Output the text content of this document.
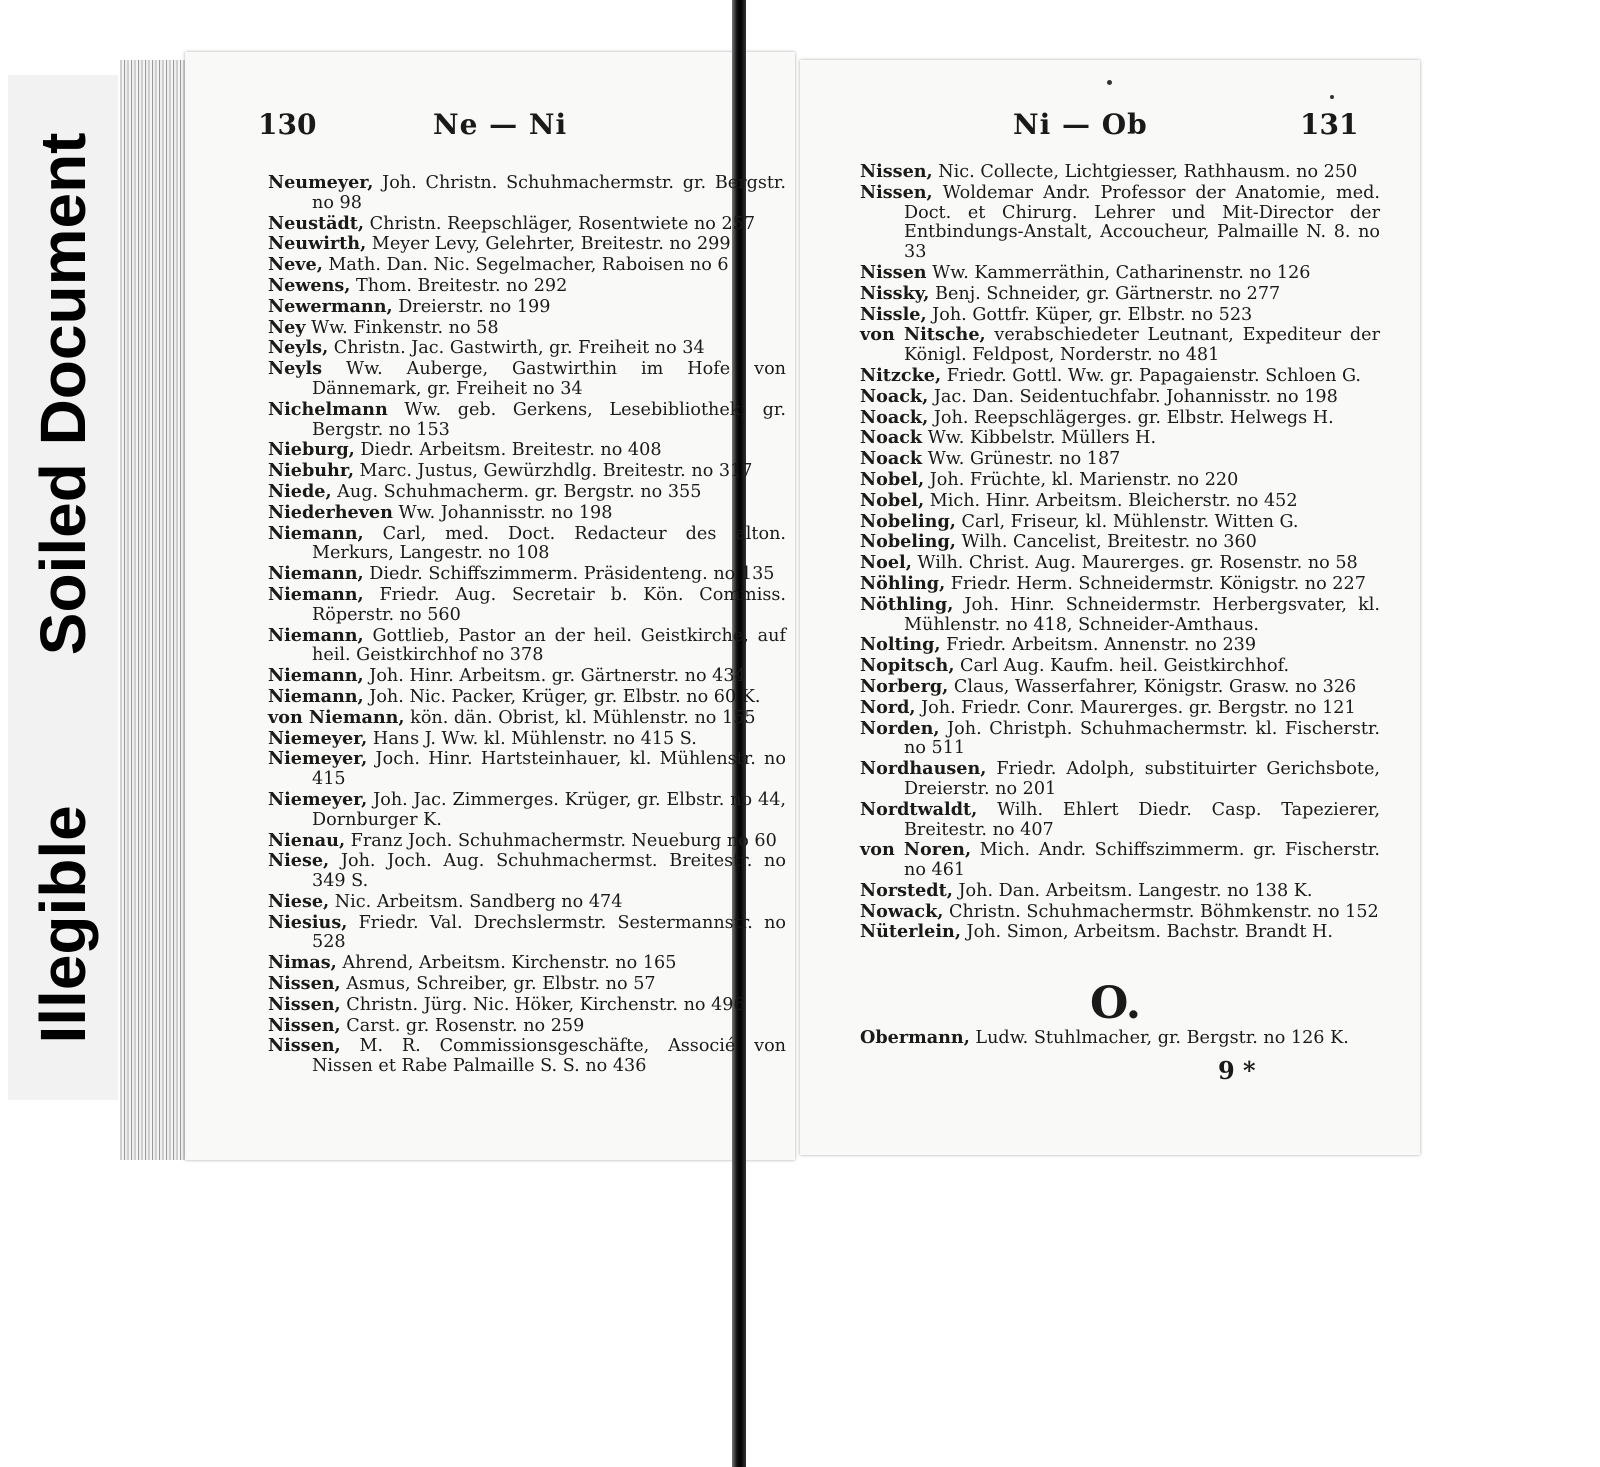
IllegibleSoiled Document
130	Ne — Ni	Ni — Ob	131

Neumeyer, Joh. Christn. Schuhmachermstr. gr. Bergstr. no 98

Neustädt, Christn. Reepschläger, Rosentwiete no 257

Neuwirth, Meyer Levy, Gelehrter, Breitestr. no 299

Neve, Math. Dan. Nic. Segelmacher, Raboisen no 6

Newens, Thom. Breitestr. no 292

Newermann, Dreierstr. no 199

Ney Ww. Finkenstr. no 58

Neyls, Christn. Jac. Gastwirth, gr. Freiheit no 34

Neyls Ww. Auberge, Gastwirthin im Hofe von Dännemark, gr. Freiheit no 34

Nichelmann Ww. geb. Gerkens, Lesebibliothek, gr. Bergstr. no 153

Nieburg, Diedr. Arbeitsm. Breitestr. no 408

Niebuhr, Marc. Justus, Gewürzhdlg. Breitestr. no 317

Niede, Aug. Schuhmacherm. gr. Bergstr. no 355

Niederheven Ww. Johannisstr. no 198

Niemann, Carl, med. Doct. Redacteur des alton. Merkurs, Langestr. no 108

Niemann, Diedr. Schiffszimmerm. Präsidenteng. no 135

Niemann, Friedr. Aug. Secretair b. Kön. Commiss. Röperstr. no 560

Niemann, Gottlieb, Pastor an der heil. Geistkirche, auf heil. Geistkirchhof no 378

Niemann, Joh. Hinr. Arbeitsm. gr. Gärtnerstr. no 434

Niemann, Joh. Nic. Packer, Krüger, gr. Elbstr. no 60 K.

von Niemann, kön. dän. Obrist, kl. Mühlenstr. no 155

Niemeyer, Hans J. Ww. kl. Mühlenstr. no 415 S.

Niemeyer, Joch. Hinr. Hartsteinhauer, kl. Mühlenstr. no 415

Niemeyer, Joh. Jac. Zimmerges. Krüger, gr. Elbstr. no 44, Dornburger K.

Nienau, Franz Joch. Schuhmachermstr. Neueburg no 60

Niese, Joh. Joch. Aug. Schuhmachermst. Breitestr. no 349 S.

Niese, Nic. Arbeitsm. Sandberg no 474

Niesius, Friedr. Val. Drechslermstr. Sestermannstr. no 528

Nimas, Ahrend, Arbeitsm. Kirchenstr. no 165

Nissen, Asmus, Schreiber, gr. Elbstr. no 57

Nissen, Christn. Jürg. Nic. Höker, Kirchenstr. no 496

Nissen, Carst. gr. Rosenstr. no 259

Nissen, M. R. Commissionsgeschäfte, Associé von Nissen et Rabe Palmaille S. S. no 436

Nissen, Nic. Collecte, Lichtgiesser, Rathhausm. no 250

Nissen, Woldemar Andr. Professor der Anatomie, med. Doct. et Chirurg. Lehrer und Mit-Director der Entbindungs-Anstalt, Accoucheur, Palmaille N. 8. no 33

Nissen Ww. Kammerräthin, Catharinenstr. no 126

Nissky, Benj. Schneider, gr. Gärtnerstr. no 277

Nissle, Joh. Gottfr. Küper, gr. Elbstr. no 523

von Nitsche, verabschiedeter Leutnant, Expediteur der Königl. Feldpost, Norderstr. no 481

Nitzcke, Friedr. Gottl. Ww. gr. Papagaienstr. Schloen G.

Noack, Jac. Dan. Seidentuchfabr. Johannisstr. no 198

Noack, Joh. Reepschlägerges. gr. Elbstr. Helwegs H.

Noack Ww. Kibbelstr. Müllers H.

Noack Ww. Grünestr. no 187

Nobel, Joh. Früchte, kl. Marienstr. no 220

Nobel, Mich. Hinr. Arbeitsm. Bleicherstr. no 452

Nobeling, Carl, Friseur, kl. Mühlenstr. Witten G.

Nobeling, Wilh. Cancelist, Breitestr. no 360

Noel, Wilh. Christ. Aug. Maurerges. gr. Rosenstr. no 58

Nöhling, Friedr. Herm. Schneidermstr. Königstr. no 227

Nöthling, Joh. Hinr. Schneidermstr. Herbergsvater, kl. Mühlenstr. no 418, Schneider-Amthaus.

Nolting, Friedr. Arbeitsm. Annenstr. no 239

Nopitsch, Carl Aug. Kaufm. heil. Geistkirchhof.

Norberg, Claus, Wasserfahrer, Königstr. Grasw. no 326

Nord, Joh. Friedr. Conr. Maurerges. gr. Bergstr. no 121

Norden, Joh. Christph. Schuhmachermstr. kl. Fischerstr. no 511

Nordhausen, Friedr. Adolph, substituirter Gerichsbote, Dreierstr. no 201

Nordtwaldt, Wilh. Ehlert Diedr. Casp. Tapezierer, Breitestr. no 407

von Noren, Mich. Andr. Schiffszimmerm. gr. Fischerstr. no 461

Norstedt, Joh. Dan. Arbeitsm. Langestr. no 138 K.

Nowack, Christn. Schuhmachermstr. Böhmkenstr. no 152

Nüterlein, Joh. Simon, Arbeitsm. Bachstr. Brandt H.

O.

Obermann, Ludw. Stuhlmacher, gr. Bergstr. no 126 K.

9 *
